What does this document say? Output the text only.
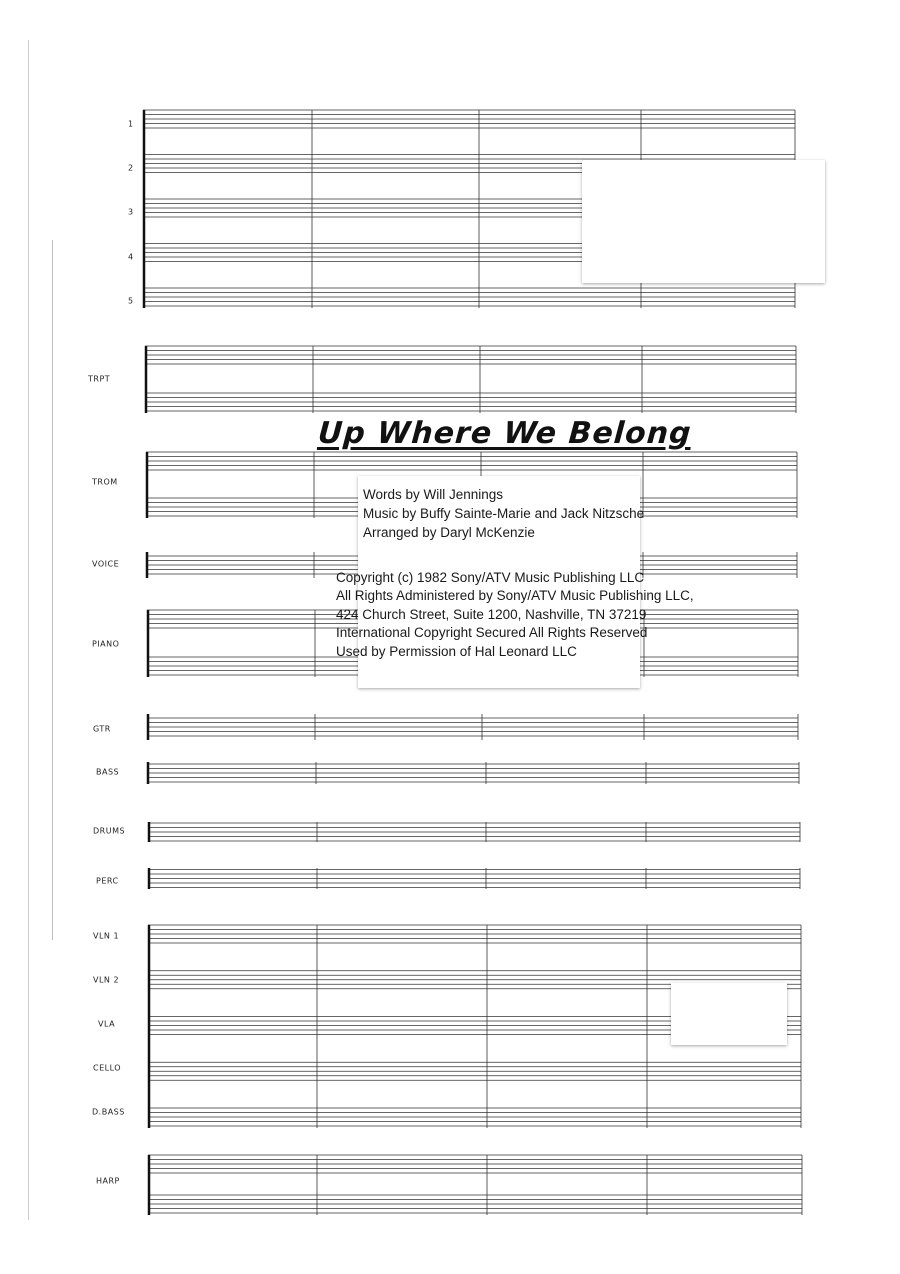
1
2
3
4
5
TRPT
TROM
VOICE
PIANO
GTR
BASS
DRUMS
PERC
VLN 1
VLN 2
VLA
CELLO
D.BASS
HARP
Up Where We Belong
Words by Will Jennings
Music by Buffy Sainte-Marie and Jack Nitzsche
Arranged by Daryl McKenzie
Copyright (c) 1982 Sony/ATV Music Publishing LLC
All Rights Administered by Sony/ATV Music Publishing LLC,
424 Church Street, Suite 1200, Nashville, TN 37219
International Copyright Secured All Rights Reserved
Used by Permission of Hal Leonard LLC
